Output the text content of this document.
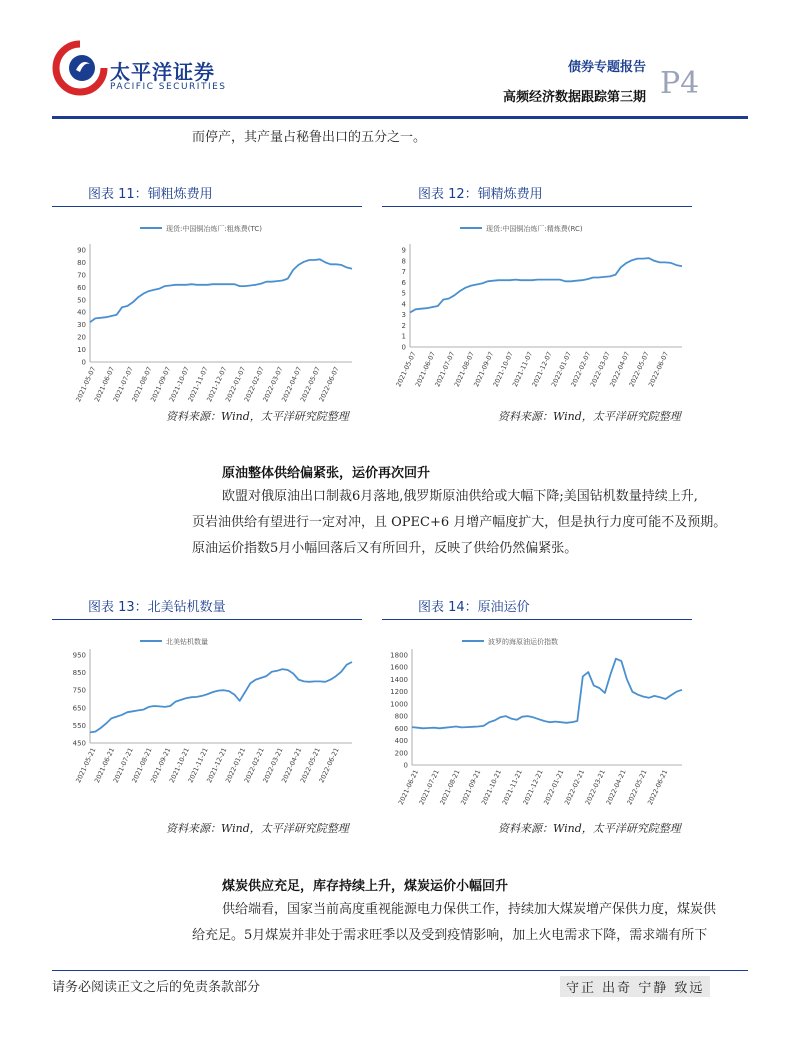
太平洋证券
PACIFIC SECURITIES
债券专题报告
高频经济数据跟踪第三期 P4
而停产，其产量占秘鲁出口的五分之一。
图表 11：铜粗炼费用
现货:中国铜冶炼厂:粗炼费(TC)
0
10
20
30
40
50
60
70
80
90
2021-05-07
2021-06-07
2021-07-07
2021-08-07
2021-09-07
2021-10-07
2021-11-07
2021-12-07
2022-01-07
2022-02-07
2022-03-07
2022-04-07
2022-05-07
2022-06-07
资料来源：Wind，太平洋研究院整理
图表 12：铜精炼费用
现货:中国铜冶炼厂:精炼费(RC)
0
1
2
3
4
5
6
7
8
9
2021-05-07
2021-06-07
2021-07-07
2021-08-07
2021-09-07
2021-10-07
2021-11-07
2021-12-07
2022-01-07
2022-02-07
2022-03-07
2022-04-07
2022-05-07
2022-06-07
资料来源：Wind，太平洋研究院整理
原油整体供给偏紧张，运价再次回升
欧盟对俄原油出口制裁6月落地,俄罗斯原油供给或大幅下降;美国钻机数量持续上升,
页岩油供给有望进行一定对冲，且 OPEC+6 月增产幅度扩大，但是执行力度可能不及预期。
原油运价指数5月小幅回落后又有所回升，反映了供给仍然偏紧张。
图表 13：北美钻机数量
北美钻机数量
450
550
650
750
850
950
2021-05-21
2021-06-21
2021-07-21
2021-08-21
2021-09-21
2021-10-21
2021-11-21
2021-12-21
2022-01-21
2022-02-21
2022-03-21
2022-04-21
2022-05-21
2022-06-21
资料来源：Wind，太平洋研究院整理
图表 14：原油运价
波罗的海原油运价指数
0
200
400
600
800
1000
1200
1400
1600
1800
2021-06-21
2021-07-21
2021-08-21
2021-09-21
2021-10-21
2021-11-21
2021-12-21
2022-01-21
2022-02-21
2022-03-21
2022-04-21
2022-05-21
2022-06-21
资料来源：Wind，太平洋研究院整理
煤炭供应充足，库存持续上升，煤炭运价小幅回升
供给端看，国家当前高度重视能源电力保供工作，持续加大煤炭增产保供力度，煤炭供
给充足。5月煤炭并非处于需求旺季以及受到疫情影响，加上火电需求下降，需求端有所下
请务必阅读正文之后的免责条款部分	守正 出奇 宁静 致远
